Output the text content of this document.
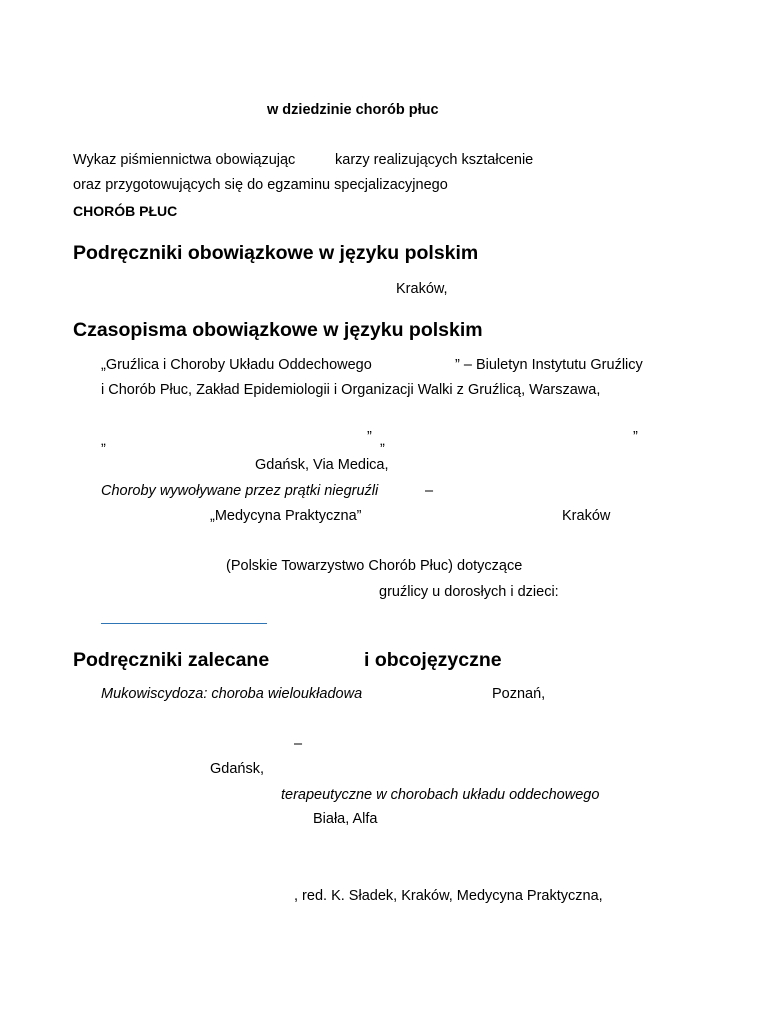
w dziedzinie chorób płuc

Wykaz piśmiennictwa obowiązując	karzy realizujących kształcenie

oraz przygotowujących się do egzaminu specjalizacyjnego

CHORÓB PŁUC

Podręczniki obowiązkowe w języku polskim

Kraków,

Czasopisma obowiązkowe w języku polskim

„Gruźlica i Choroby Układu Oddechowego	” – Biuletyn Instytutu Gruźlicy

i Chorób Płuc, Zakład Epidemiologii i Organizacji Walki z Gruźlicą, Warszawa,

„	” „	”

Gdańsk, Via Medica,

Choroby wywoływane przez prątki niegruźli	–

„Medycyna Praktyczna”	Kraków

(Polskie Towarzystwo Chorób Płuc) dotyczące

gruźlicy u dorosłych i dzieci:

Podręczniki zalecane	i obcojęzyczne

Mukowiscydoza: choroba wieloukładowa	Poznań,

–

Gdańsk,

terapeutyczne w chorobach układu oddechowego

Biała, Alfa

, red. K. Sładek, Kraków, Medycyna Praktyczna,
